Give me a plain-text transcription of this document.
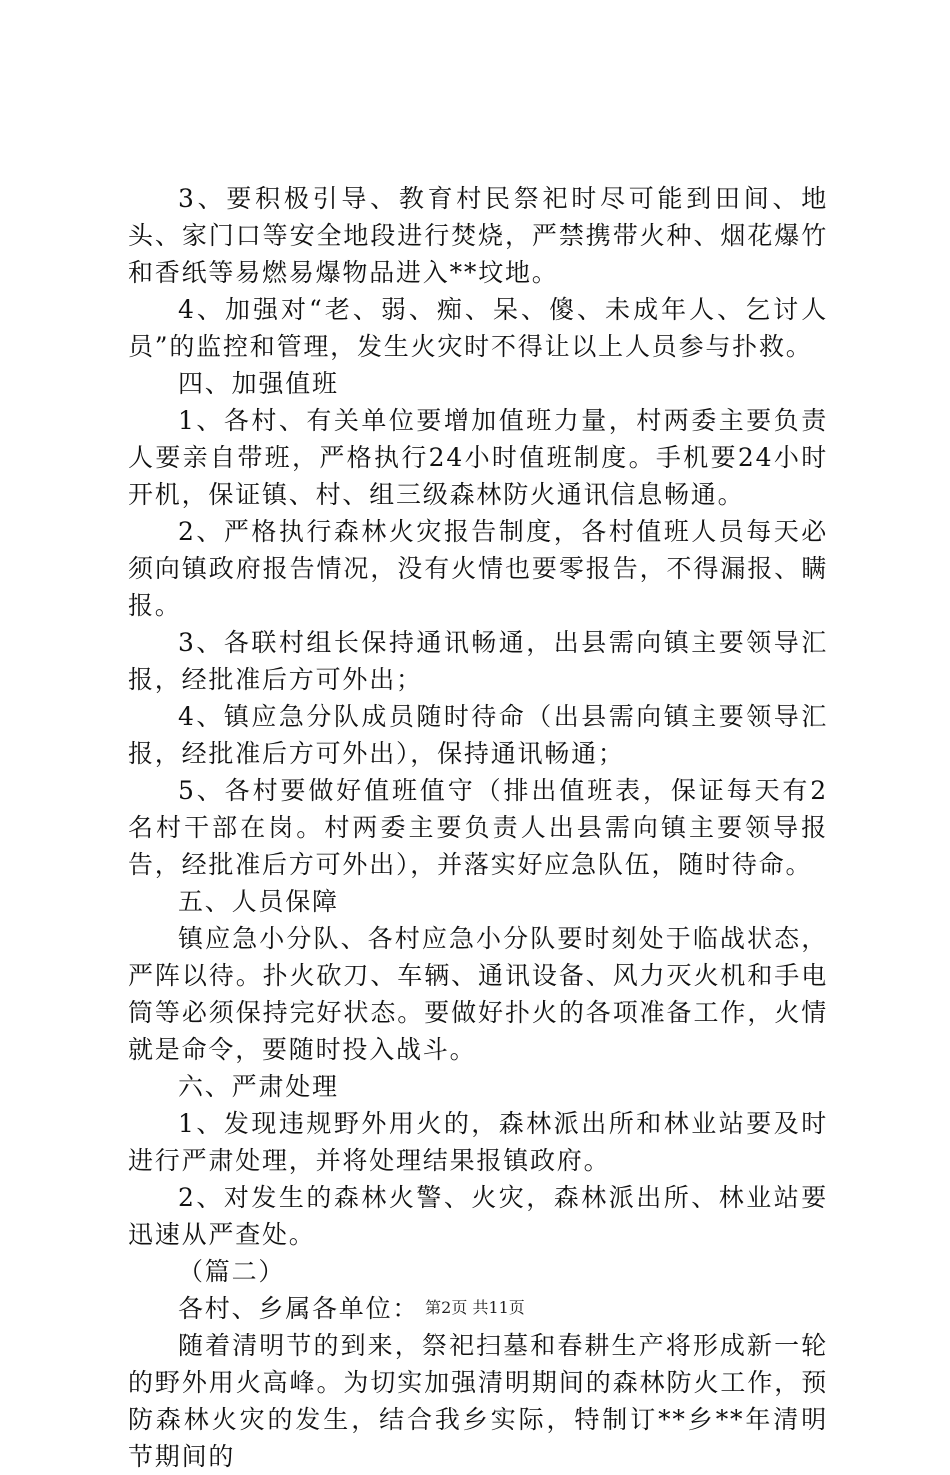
3、要积极引导、教育村民祭祀时尽可能到田间、地头、家门口等安全地段进行焚烧，严禁携带火种、烟花爆竹和香纸等易燃易爆物品进入**坟地。

4、加强对“老、弱、痴、呆、傻、未成年人、乞讨人员”的监控和管理，发生火灾时不得让以上人员参与扑救。

四、加强值班

1、各村、有关单位要增加值班力量，村两委主要负责人要亲自带班，严格执行24小时值班制度。手机要24小时开机，保证镇、村、组三级森林防火通讯信息畅通。

2、严格执行森林火灾报告制度，各村值班人员每天必须向镇政府报告情况，没有火情也要零报告，不得漏报、瞒报。

3、各联村组长保持通讯畅通，出县需向镇主要领导汇报，经批准后方可外出；

4、镇应急分队成员随时待命（出县需向镇主要领导汇报，经批准后方可外出），保持通讯畅通；

5、各村要做好值班值守（排出值班表，保证每天有2名村干部在岗。村两委主要负责人出县需向镇主要领导报告，经批准后方可外出），并落实好应急队伍，随时待命。

五、人员保障

镇应急小分队、各村应急小分队要时刻处于临战状态，严阵以待。扑火砍刀、车辆、通讯设备、风力灭火机和手电筒等必须保持完好状态。要做好扑火的各项准备工作，火情就是命令，要随时投入战斗。

六、严肃处理

1、发现违规野外用火的，森林派出所和林业站要及时进行严肃处理，并将处理结果报镇政府。

2、对发生的森林火警、火灾，森林派出所、林业站要迅速从严查处。

（篇二）

各村、乡属各单位：

随着清明节的到来，祭祀扫墓和春耕生产将形成新一轮的野外用火高峰。为切实加强清明期间的森林防火工作，预防森林火灾的发生，结合我乡实际，特制订**乡**年清明节期间的

第2页 共11页
